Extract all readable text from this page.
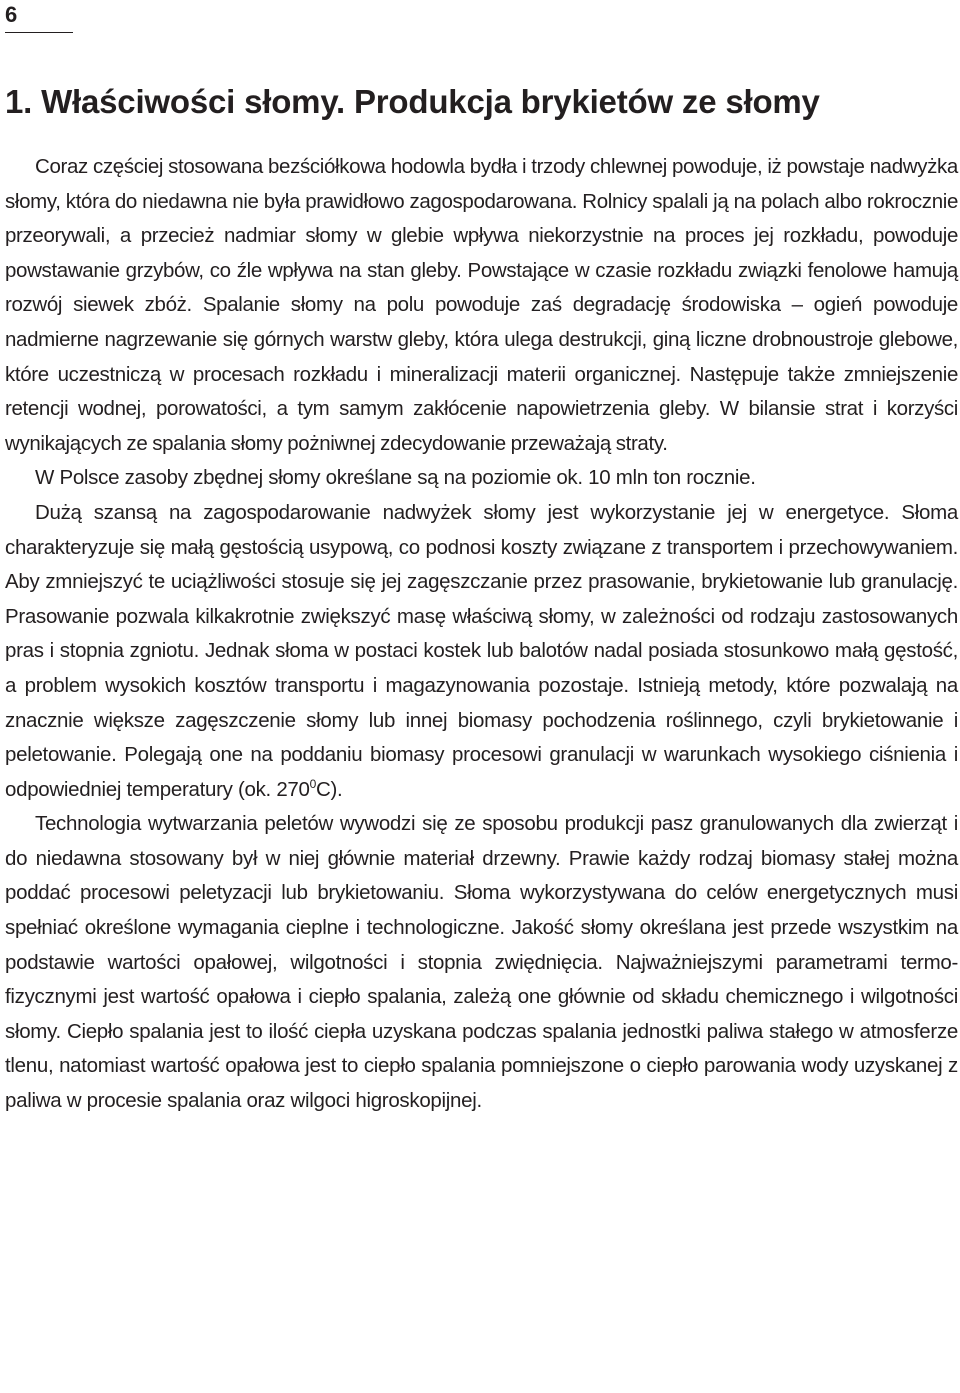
6
1. Właściwości słomy. Produkcja brykietów ze słomy

Coraz częściej stosowana bezściółkowa hodowla bydła i trzody chlewnej powoduje, iż powstaje nadwyżka słomy, która do niedawna nie była prawidłowo zagospodarowana. Rolnicy spalali ją na polach albo rokrocznie przeorywali, a przecież nadmiar słomy w glebie wpływa niekorzystnie na proces jej rozkładu, powoduje powstawanie grzybów, co źle wpływa na stan gleby. Powstające w czasie rozkładu związki fenolowe hamują rozwój siewek zbóż. Spalanie słomy na polu powoduje zaś degradację środowiska – ogień powoduje nadmierne nagrzewanie się górnych warstw gleby, która ulega destrukcji, giną liczne drobnoustroje glebowe, które uczestniczą w procesach rozkładu i mineralizacji materii organicznej. Następuje także zmniejszenie retencji wodnej, porowatości, a tym samym zakłócenie napowietrzenia gleby. W bilansie strat i korzyści wynikających ze spalania słomy pożniwnej zdecydowanie przeważają straty.

W Polsce zasoby zbędnej słomy określane są na poziomie ok. 10 mln ton rocznie.

Dużą szansą na zagospodarowanie nadwyżek słomy jest wykorzystanie jej w energetyce. Słoma charakteryzuje się małą gęstością usypową, co podnosi koszty związane z transportem i przechowywaniem. Aby zmniejszyć te uciążliwości stosuje się jej zagęszczanie przez prasowanie, brykietowanie lub granulację. Prasowanie pozwala kilkakrotnie zwiększyć masę właściwą słomy, w zależności od rodzaju zastosowanych pras i stopnia zgniotu. Jednak słoma w postaci kostek lub balotów nadal posiada stosunkowo małą gęstość, a problem wysokich kosztów transportu i magazynowania pozostaje. Istnieją metody, które pozwalają na znacznie większe zagęszczenie słomy lub innej biomasy pochodzenia roślinnego, czyli brykietowanie i peletowanie. Polegają one na poddaniu biomasy procesowi granulacji w warunkach wysokiego ciśnienia i odpowiedniej temperatury (ok. $270^0C$).

Technologia wytwarzania peletów wywodzi się ze sposobu produkcji pasz granulowanych dla zwierząt i do niedawna stosowany był w niej głównie materiał drzewny. Prawie każdy rodzaj biomasy stałej można poddać procesowi peletyzacji lub brykietowaniu. Słoma wykorzystywana do celów energetycznych musi spełniać określone wymagania cieplne i technologiczne. Jakość słomy określana jest przede wszystkim na podstawie wartości opałowej, wilgotności i stopnia zwiędnięcia. Najważniejszymi parametrami termo-fizycznymi jest wartość opałowa i ciepło spalania, zależą one głównie od składu chemicznego i wilgotności słomy. Ciepło spalania jest to ilość ciepła uzyskana podczas spalania jednostki paliwa stałego w atmosferze tlenu, natomiast wartość opałowa jest to ciepło spalania pomniejszone o ciepło parowania wody uzyskanej z paliwa w procesie spalania oraz wilgoci higroskopijnej.
